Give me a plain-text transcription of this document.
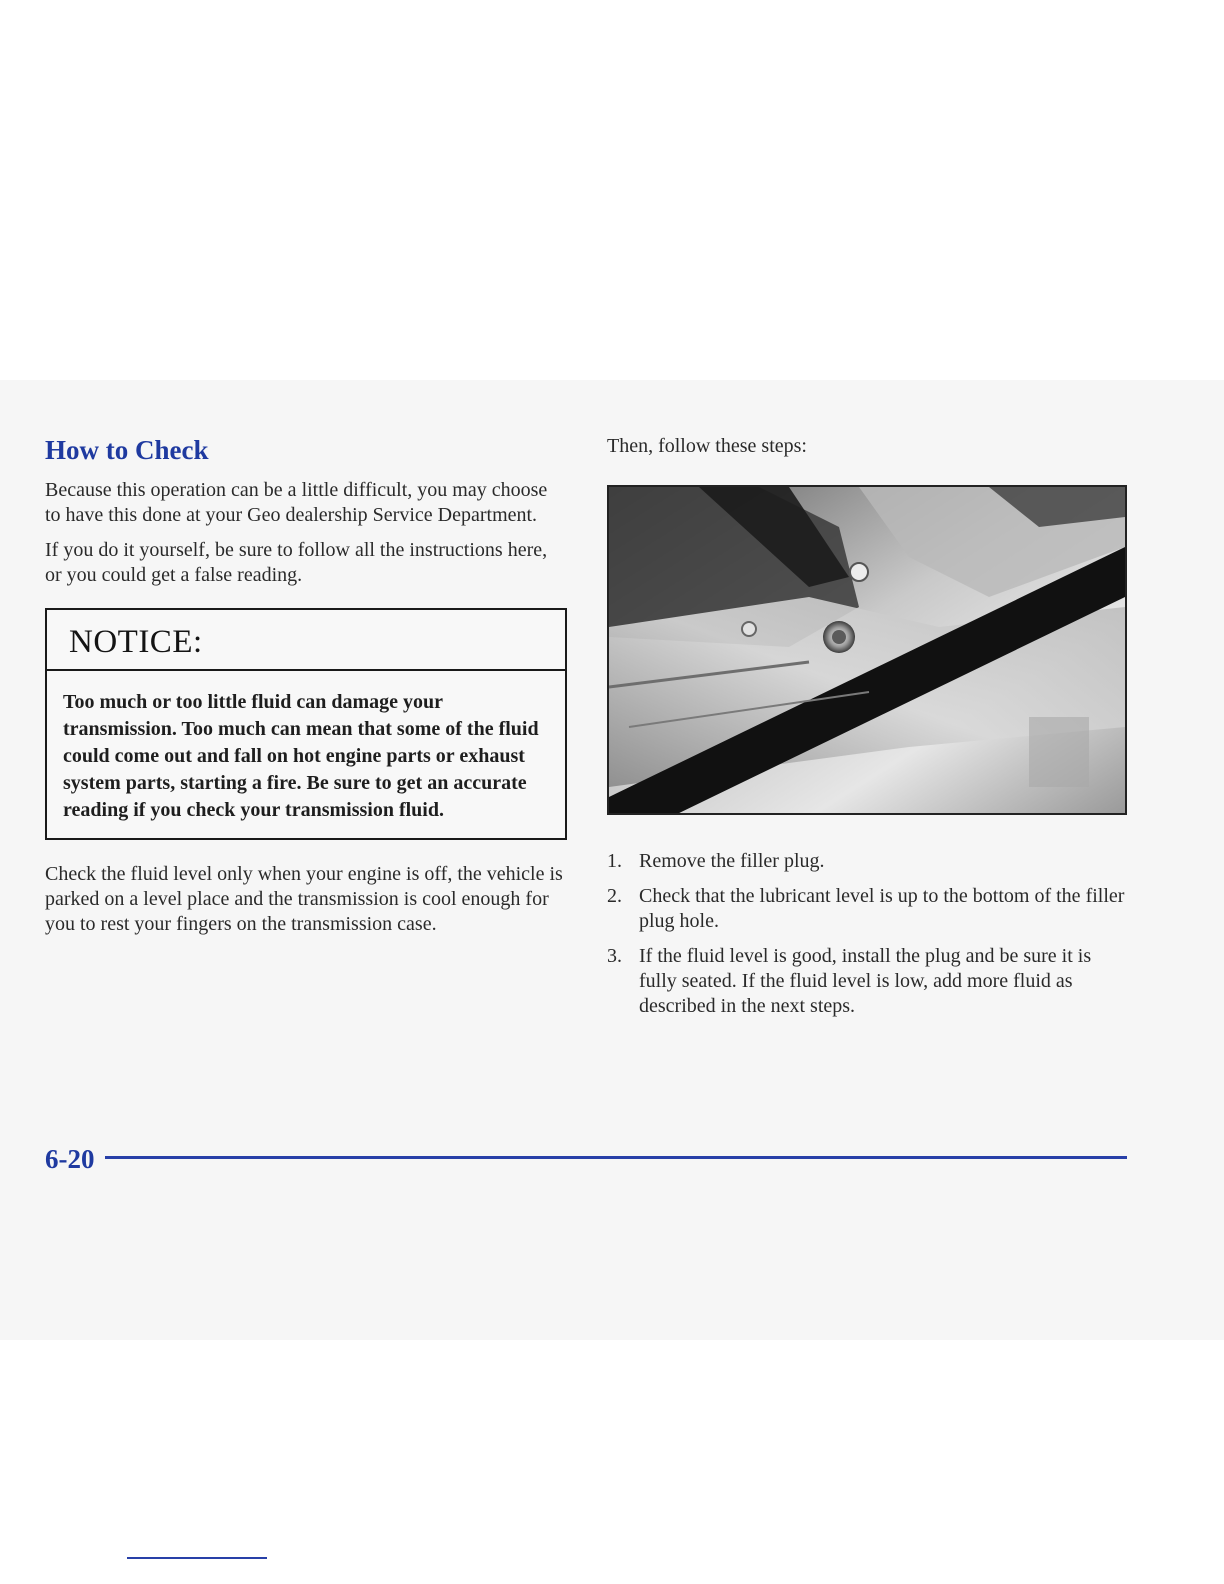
How to Check

Because this operation can be a little difficult, you may choose to have this done at your Geo dealership Service Department.

If you do it yourself, be sure to follow all the instructions here, or you could get a false reading.

NOTICE:
Too much or too little fluid can damage your transmission. Too much can mean that some of the fluid could come out and fall on hot engine parts or exhaust system parts, starting a fire. Be sure to get an accurate reading if you check your transmission fluid.

Check the fluid level only when your engine is off, the vehicle is parked on a level place and the transmission is cool enough for you to rest your fingers on the transmission case.

Then, follow these steps:

1. Remove the filler plug.
2. Check that the lubricant level is up to the bottom of the filler plug hole.
3. If the fluid level is good, install the plug and be sure it is fully seated. If the fluid level is low, add more fluid as described in the next steps.
6-20
